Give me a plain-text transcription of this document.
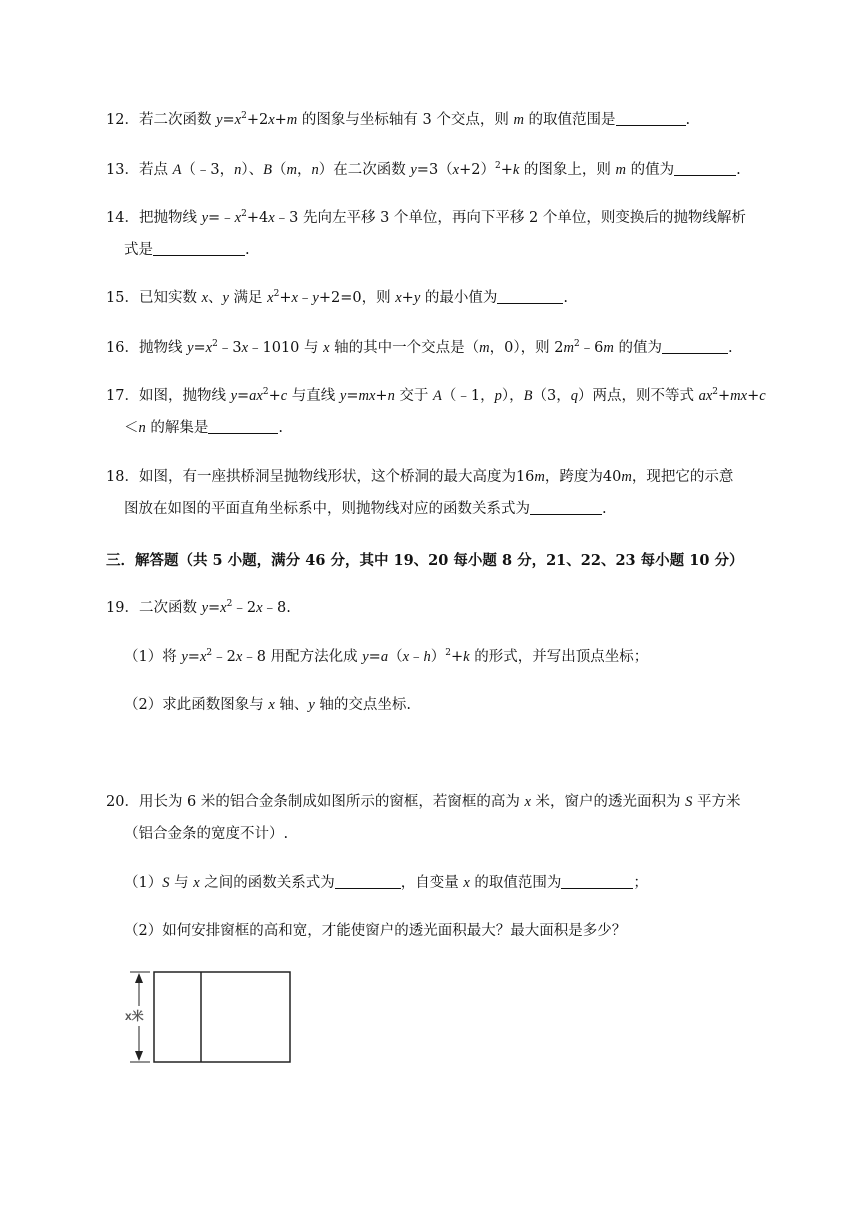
12．若二次函数 $y=x^2+2x+m$ 的图象与坐标轴有 3 个交点，则 m 的取值范围是	.
13．若点 A（﹣3，n）、B（m，n）在二次函数 $y=3(x+2)^2+k$ 的图象上，则 m 的值为	.
14．把抛物线 $y=﹣x^2+4x﹣3$ 先向左平移 3 个单位，再向下平移 2 个单位，则变换后的抛物线解析
式是	.
15．已知实数 x、y 满足 $x^2+x﹣y+2=0$，则 x+y 的最小值为	.
16．抛物线 $y=x^2﹣3x﹣1010$ 与 x 轴的其中一个交点是（m，0），则 $2m^2﹣6m$ 的值为	.
17．如图，抛物线 $y=ax^2+c$ 与直线 y=mx+n 交于 A（﹣1，p），B（3，q）两点，则不等式 $ax^2+mx+c$
＜n 的解集是	.
18．如图，有一座拱桥洞呈抛物线形状，这个桥洞的最大高度为16m，跨度为40m，现把它的示意
图放在如图的平面直角坐标系中，则抛物线对应的函数关系式为	.
三．解答题（共 5 小题，满分 46 分，其中 19、20 每小题 8 分，21、22、23 每小题 10 分）
19．二次函数 $y=x^2﹣2x﹣8$.
（1）将 $y=x^2﹣2x﹣8$ 用配方法化成 y=a（x﹣h）$^2$+k 的形式，并写出顶点坐标；
（2）求此函数图象与 x 轴、y 轴的交点坐标.
20．用长为 6 米的铝合金条制成如图所示的窗框，若窗框的高为 x 米，窗户的透光面积为 S 平方米
（铝合金条的宽度不计）.
（1）S 与 x 之间的函数关系式为	，自变量 x 的取值范围为	；
（2）如何安排窗框的高和宽，才能使窗户的透光面积最大？最大面积是多少？
x米
